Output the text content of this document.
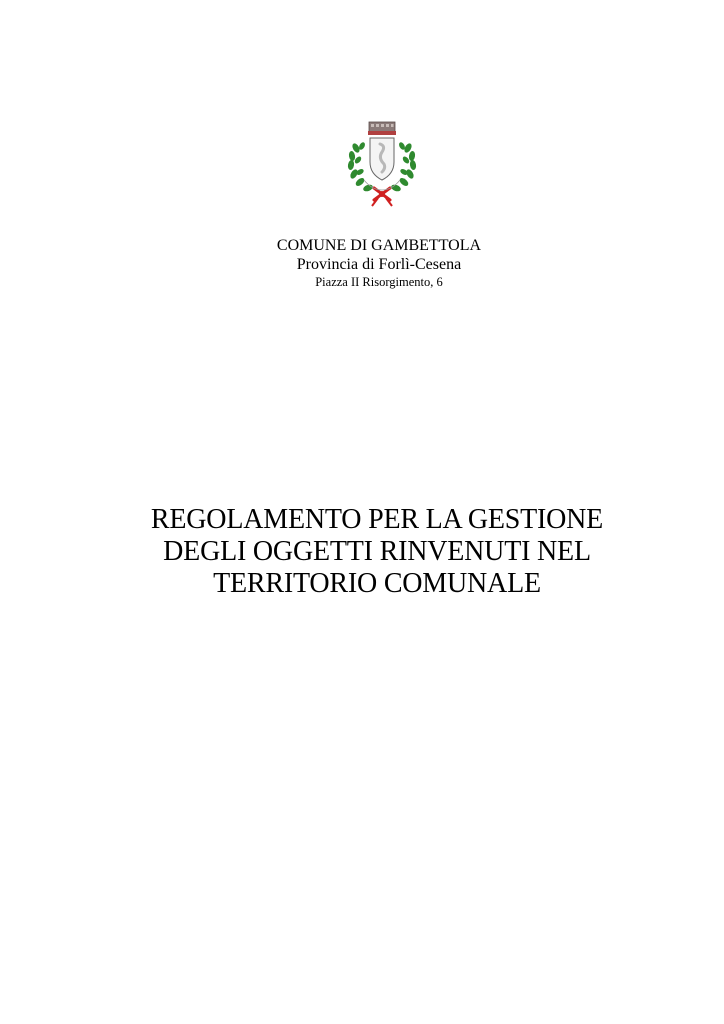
COMUNE DI GAMBETTOLA
Provincia di Forlì-Cesena
Piazza II Risorgimento, 6
REGOLAMENTO PER LA GESTIONE
DEGLI OGGETTI RINVENUTI NEL
TERRITORIO COMUNALE
